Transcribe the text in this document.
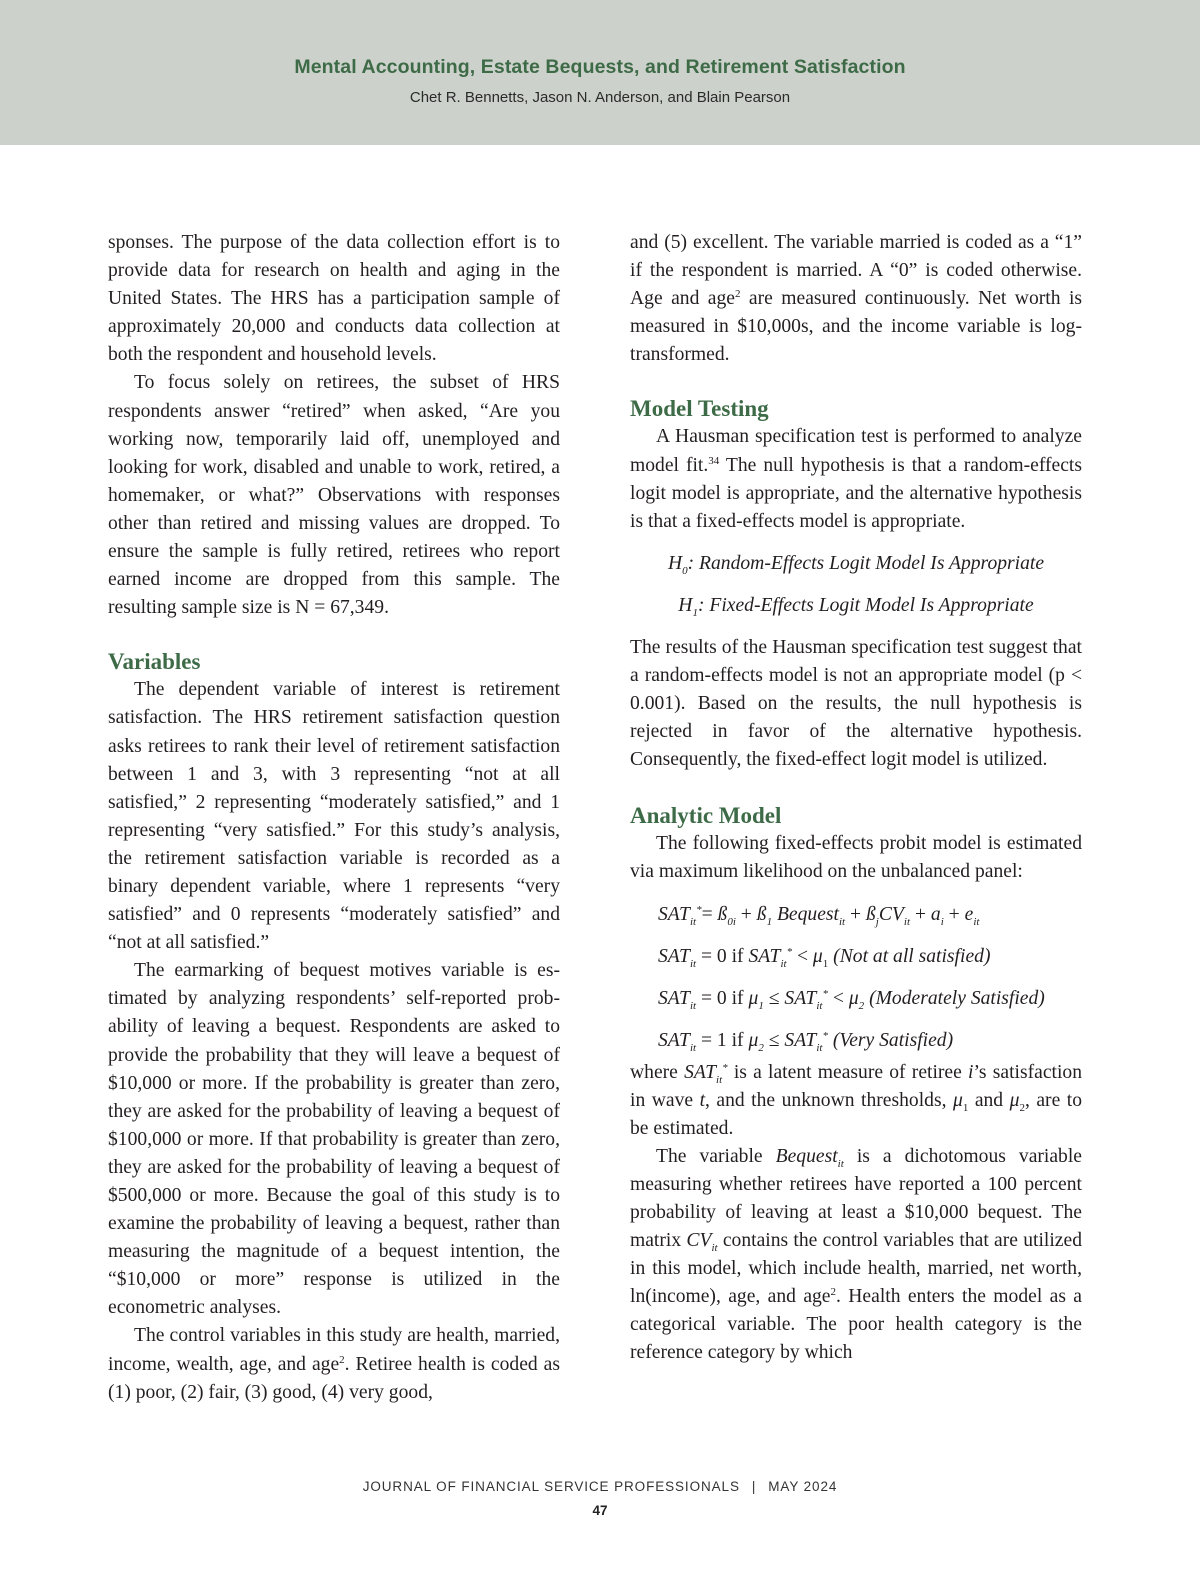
Mental Accounting, Estate Bequests, and Retirement Satisfaction
Chet R. Bennetts, Jason N. Anderson, and Blain Pearson

sponses. The purpose of the data collection effort is to provide data for research on health and aging in the United States. The HRS has a participation sample of approximately 20,000 and conducts data collection at both the respondent and household levels.

To focus solely on retirees, the subset of HRS respondents answer “retired” when asked, “Are you working now, temporarily laid off, unemployed and looking for work, disabled and unable to work, retired, a homemaker, or what?” Observations with responses other than retired and missing values are dropped. To ensure the sample is fully retired, retirees who report earned income are dropped from this sample. The resulting sample size is N = 67,349.

Variables

The dependent variable of interest is retirement satisfaction. The HRS retirement satisfaction question asks retirees to rank their level of retirement satisfaction between 1 and 3, with 3 representing “not at all satisfied,” 2 representing “moderately satisfied,” and 1 representing “very satisfied.” For this study’s analysis, the retirement satisfaction variable is recorded as a binary dependent variable, where 1 represents “very satisfied” and 0 represents “moderately satisfied” and “not at all satisfied.”

The earmarking of bequest motives variable is estimated by analyzing respondents’ self-reported probability of leaving a bequest. Respondents are asked to provide the probability that they will leave a bequest of $10,000 or more. If the probability is greater than zero, they are asked for the probability of leaving a bequest of $100,000 or more. If that probability is greater than zero, they are asked for the probability of leaving a bequest of $500,000 or more. Because the goal of this study is to examine the probability of leaving a bequest, rather than measuring the magnitude of a bequest intention, the “$10,000 or more” response is utilized in the econometric analyses.

The control variables in this study are health, married, income, wealth, age, and age$^2$. Retiree health is coded as (1) poor, (2) fair, (3) good, (4) very good,

and (5) excellent. The variable married is coded as a “1” if the respondent is married. A “0” is coded otherwise. Age and age$^2$ are measured continuously. Net worth is measured in $10,000s, and the income variable is log-transformed.

Model Testing

A Hausman specification test is performed to analyze model fit.$^{34}$ The null hypothesis is that a random-effects logit model is appropriate, and the alternative hypothesis is that a fixed-effects model is appropriate.

$H_0$: Random-Effects Logit Model Is Appropriate

$H_1$: Fixed-Effects Logit Model Is Appropriate

The results of the Hausman specification test suggest that a random-effects model is not an appropriate model (p < 0.001). Based on the results, the null hypothesis is rejected in favor of the alternative hypothesis. Consequently, the fixed-effect logit model is utilized.

Analytic Model

The following fixed-effects probit model is estimated via maximum likelihood on the unbalanced panel:

$SAT_{it}^*=$ $ß_{0i}$ + $ß_1$ Bequest$_{it}$ + $ß_jCV_{it} + a_i + e_{it}$

$SAT_{it} = 0$ if $SAT_{it}^* < \mu_1$ (Not at all satisfied)

$SAT_{it} = 0$ if $\mu_1 \le SAT_{it}^* < \mu_2$ (Moderately Satisfied)

$SAT_{it} = 1$ if $\mu_2 \le SAT_{it}^*$ (Very Satisfied)

where $SAT_{it}^*$ is a latent measure of retiree i’s satisfaction in wave t, and the unknown thresholds, $\mu_1$ and $\mu_2$, are to be estimated.

The variable Bequest$_{it}$ is a dichotomous variable measuring whether retirees have reported a 100 percent probability of leaving at least a $10,000 bequest. The matrix $CV_{it}$ contains the control variables that are utilized in this model, which include health, married, net worth, ln(income), age, and age$^2$. Health enters the model as a categorical variable. The poor health category is the reference category by which

JOURNAL OF FINANCIAL SERVICE PROFESSIONALS | MAY 2024
47
